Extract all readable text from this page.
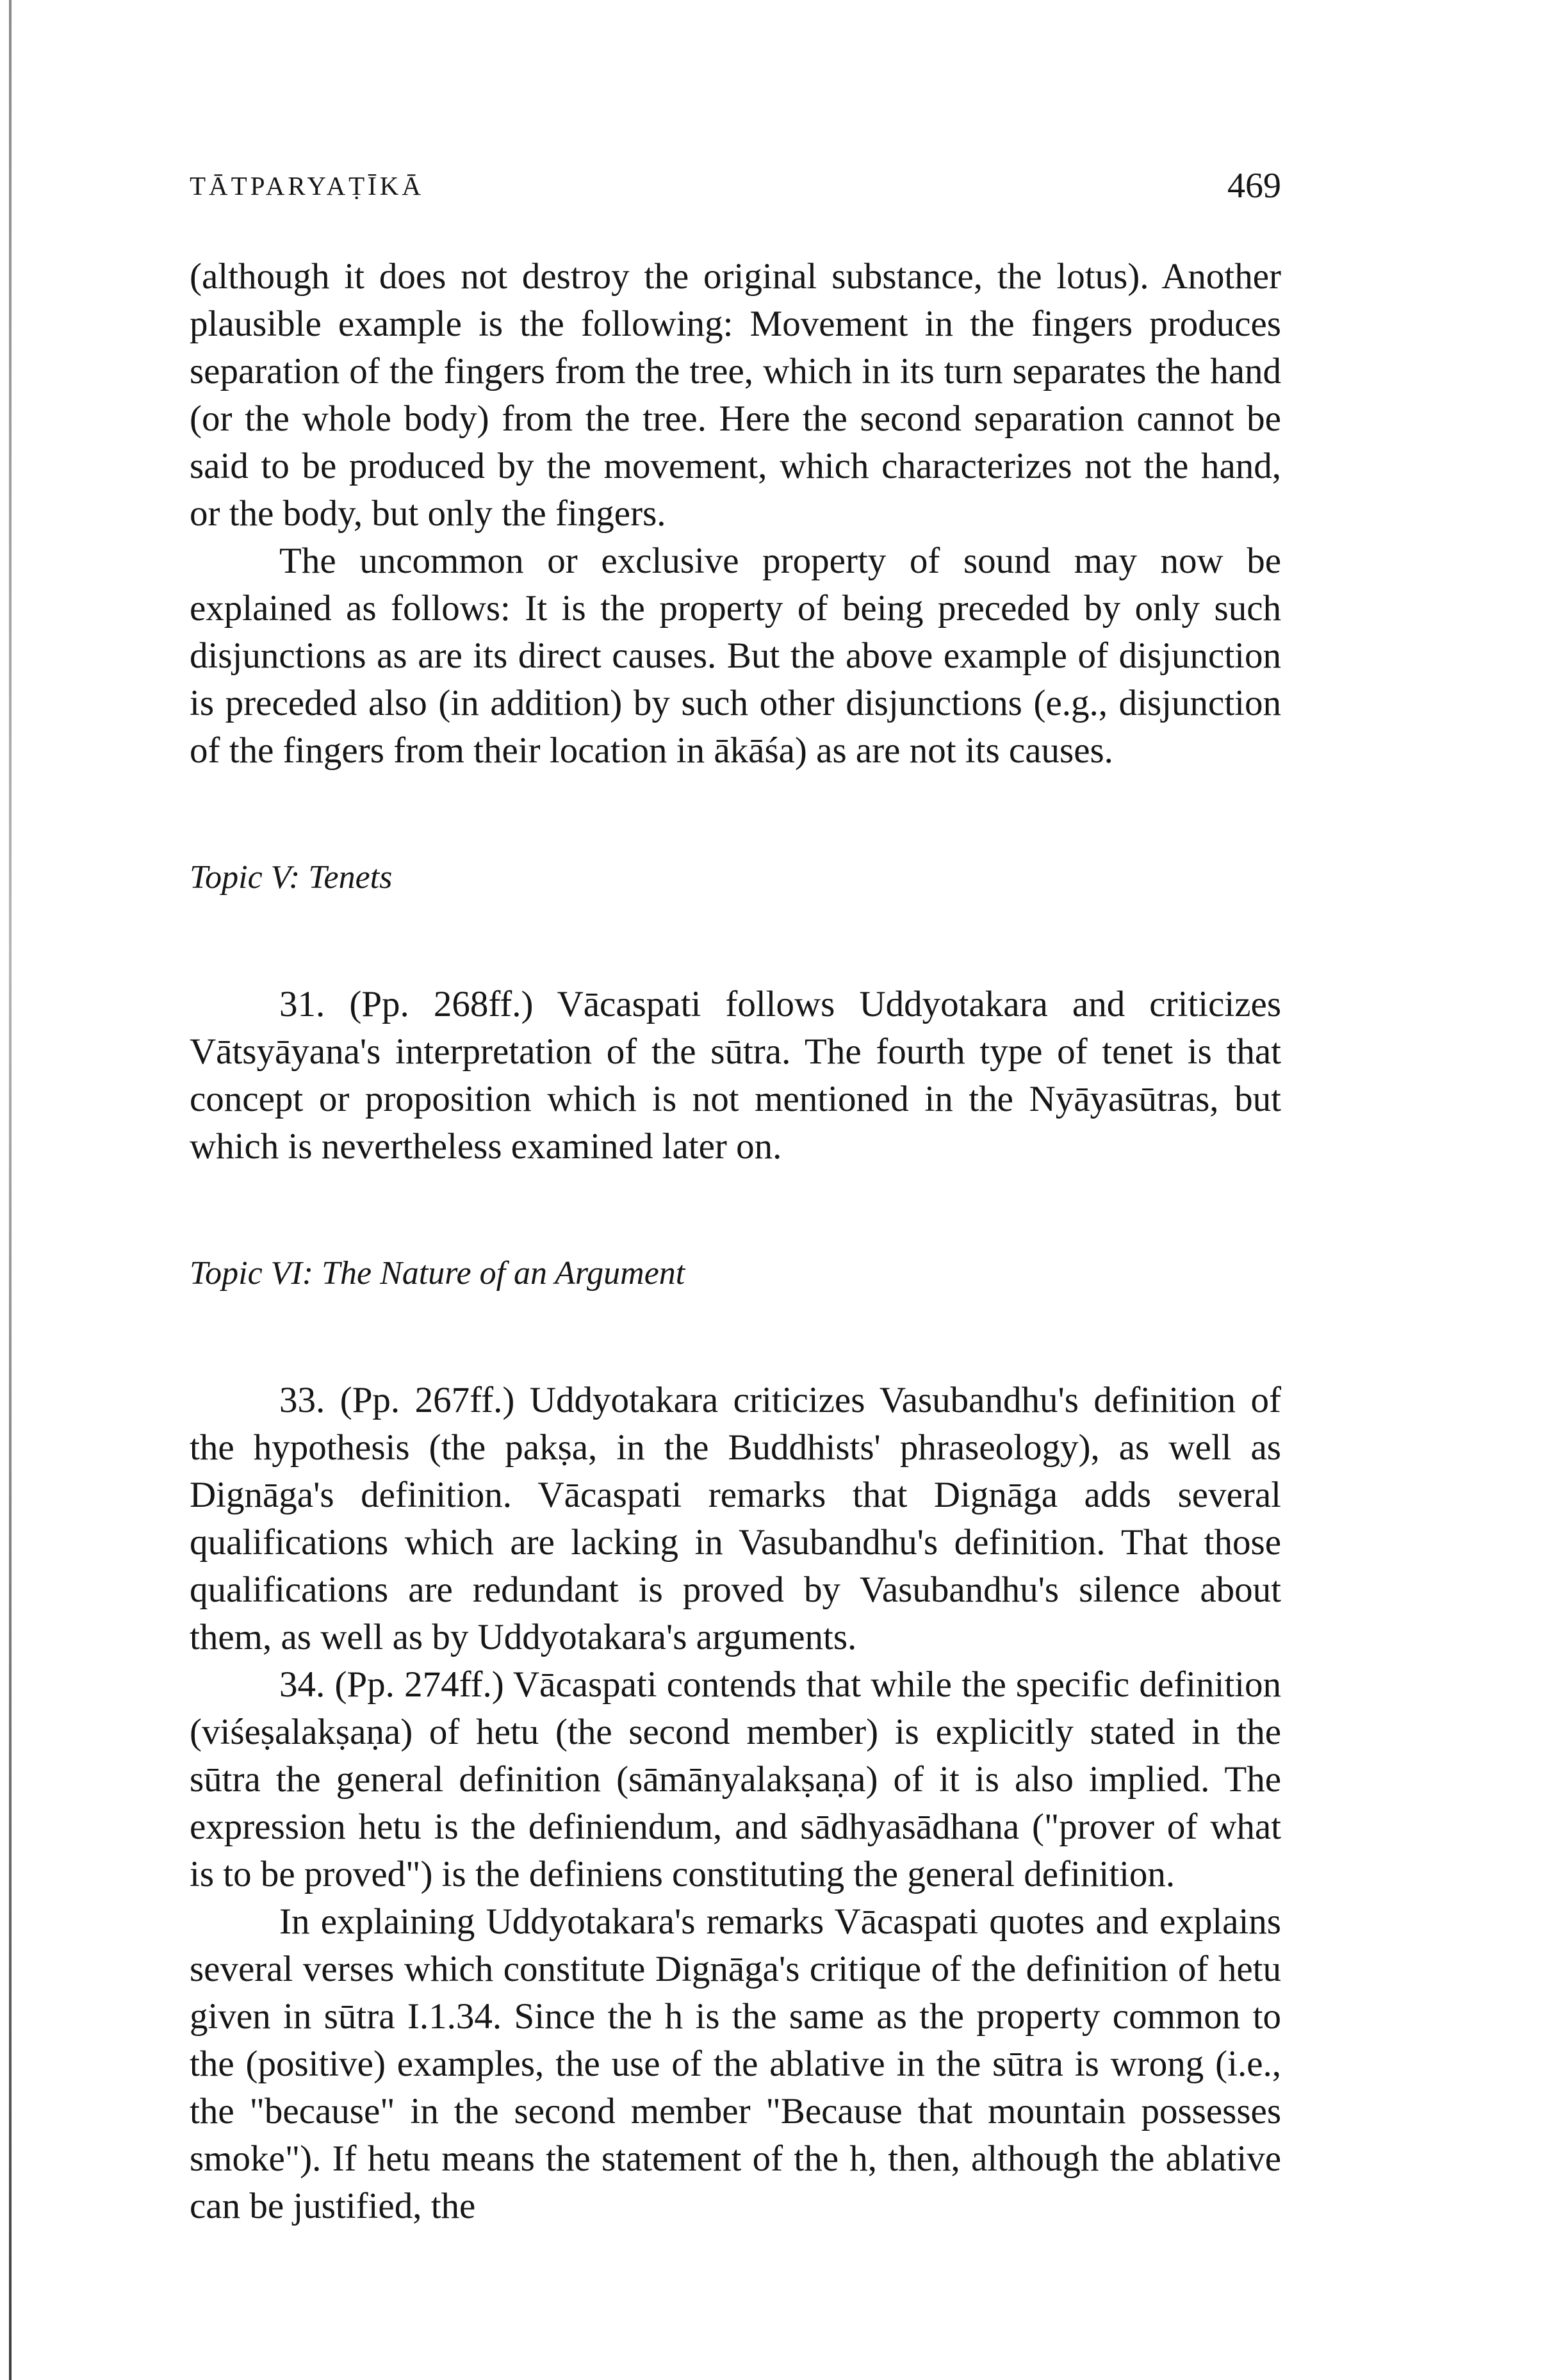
TĀTPARYAṬĪKĀ	469

(although it does not destroy the original substance, the lotus). Another plausible example is the following: Movement in the fingers produces separation of the fingers from the tree, which in its turn separates the hand (or the whole body) from the tree. Here the second separation cannot be said to be produced by the movement, which characterizes not the hand, or the body, but only the fingers.

The uncommon or exclusive property of sound may now be explained as follows: It is the property of being preceded by only such disjunctions as are its direct causes. But the above example of disjunction is preceded also (in addition) by such other disjunctions (e.g., disjunction of the fingers from their location in ākāśa) as are not its causes.

Topic V: Tenets

31. (Pp. 268ff.) Vācaspati follows Uddyotakara and criticizes Vātsyāyana's interpretation of the sūtra. The fourth type of tenet is that concept or proposition which is not mentioned in the Nyāyasūtras, but which is nevertheless examined later on.

Topic VI: The Nature of an Argument

33. (Pp. 267ff.) Uddyotakara criticizes Vasubandhu's definition of the hypothesis (the pakṣa, in the Buddhists' phraseology), as well as Dignāga's definition. Vācaspati remarks that Dignāga adds several qualifications which are lacking in Vasubandhu's definition. That those qualifications are redundant is proved by Vasubandhu's silence about them, as well as by Uddyotakara's arguments.

34. (Pp. 274ff.) Vācaspati contends that while the specific definition (viśeṣalakṣaṇa) of hetu (the second member) is explicitly stated in the sūtra the general definition (sāmānyalakṣaṇa) of it is also implied. The expression hetu is the definiendum, and sādhyasādhana ("prover of what is to be proved") is the definiens constituting the general definition.

In explaining Uddyotakara's remarks Vācaspati quotes and explains several verses which constitute Dignāga's critique of the definition of hetu given in sūtra I.1.34. Since the h is the same as the property common to the (positive) examples, the use of the ablative in the sūtra is wrong (i.e., the "because" in the second member "Because that mountain possesses smoke"). If hetu means the statement of the h, then, although the ablative can be justified, the
